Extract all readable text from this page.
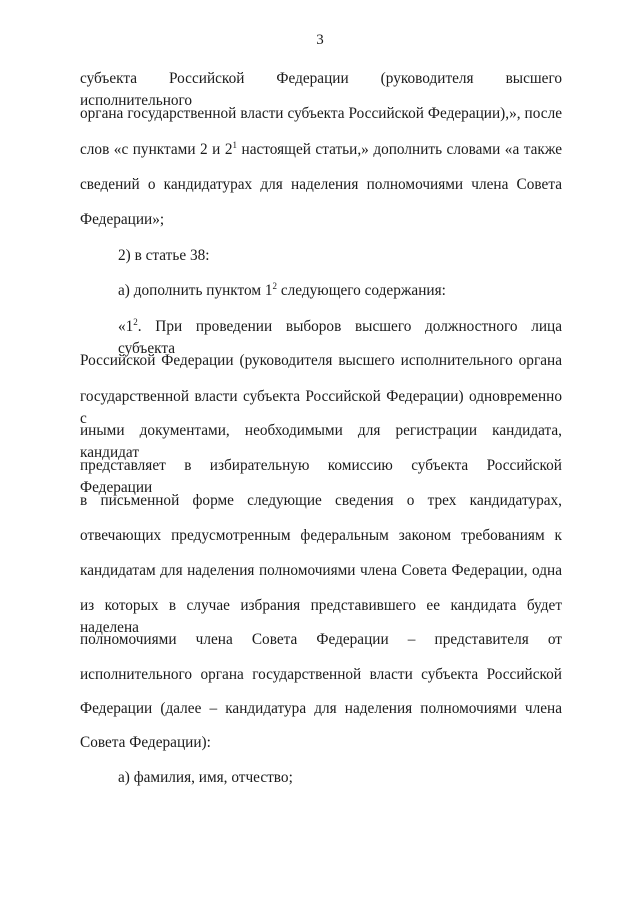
3
субъекта Российской Федерации (руководителя высшего исполнительного
органа государственной власти субъекта Российской Федерации),», после
слов «с пунктами 2 и $2^1$ настоящей статьи,» дополнить словами «а также
сведений о кандидатурах для наделения полномочиями члена Совета
Федерации»;
2) в статье 38:
а) дополнить пунктом $1^2$ следующего содержания:
«$1^2$. При проведении выборов высшего должностного лица субъекта
Российской Федерации (руководителя высшего исполнительного органа
государственной власти субъекта Российской Федерации) одновременно с
иными документами, необходимыми для регистрации кандидата, кандидат
представляет в избирательную комиссию субъекта Российской Федерации
в письменной форме следующие сведения о трех кандидатурах,
отвечающих предусмотренным федеральным законом требованиям к
кандидатам для наделения полномочиями члена Совета Федерации, одна
из которых в случае избрания представившего ее кандидата будет наделена
полномочиями члена Совета Федерации – представителя от
исполнительного органа государственной власти субъекта Российской
Федерации (далее – кандидатура для наделения полномочиями члена
Совета Федерации):
а) фамилия, имя, отчество;
